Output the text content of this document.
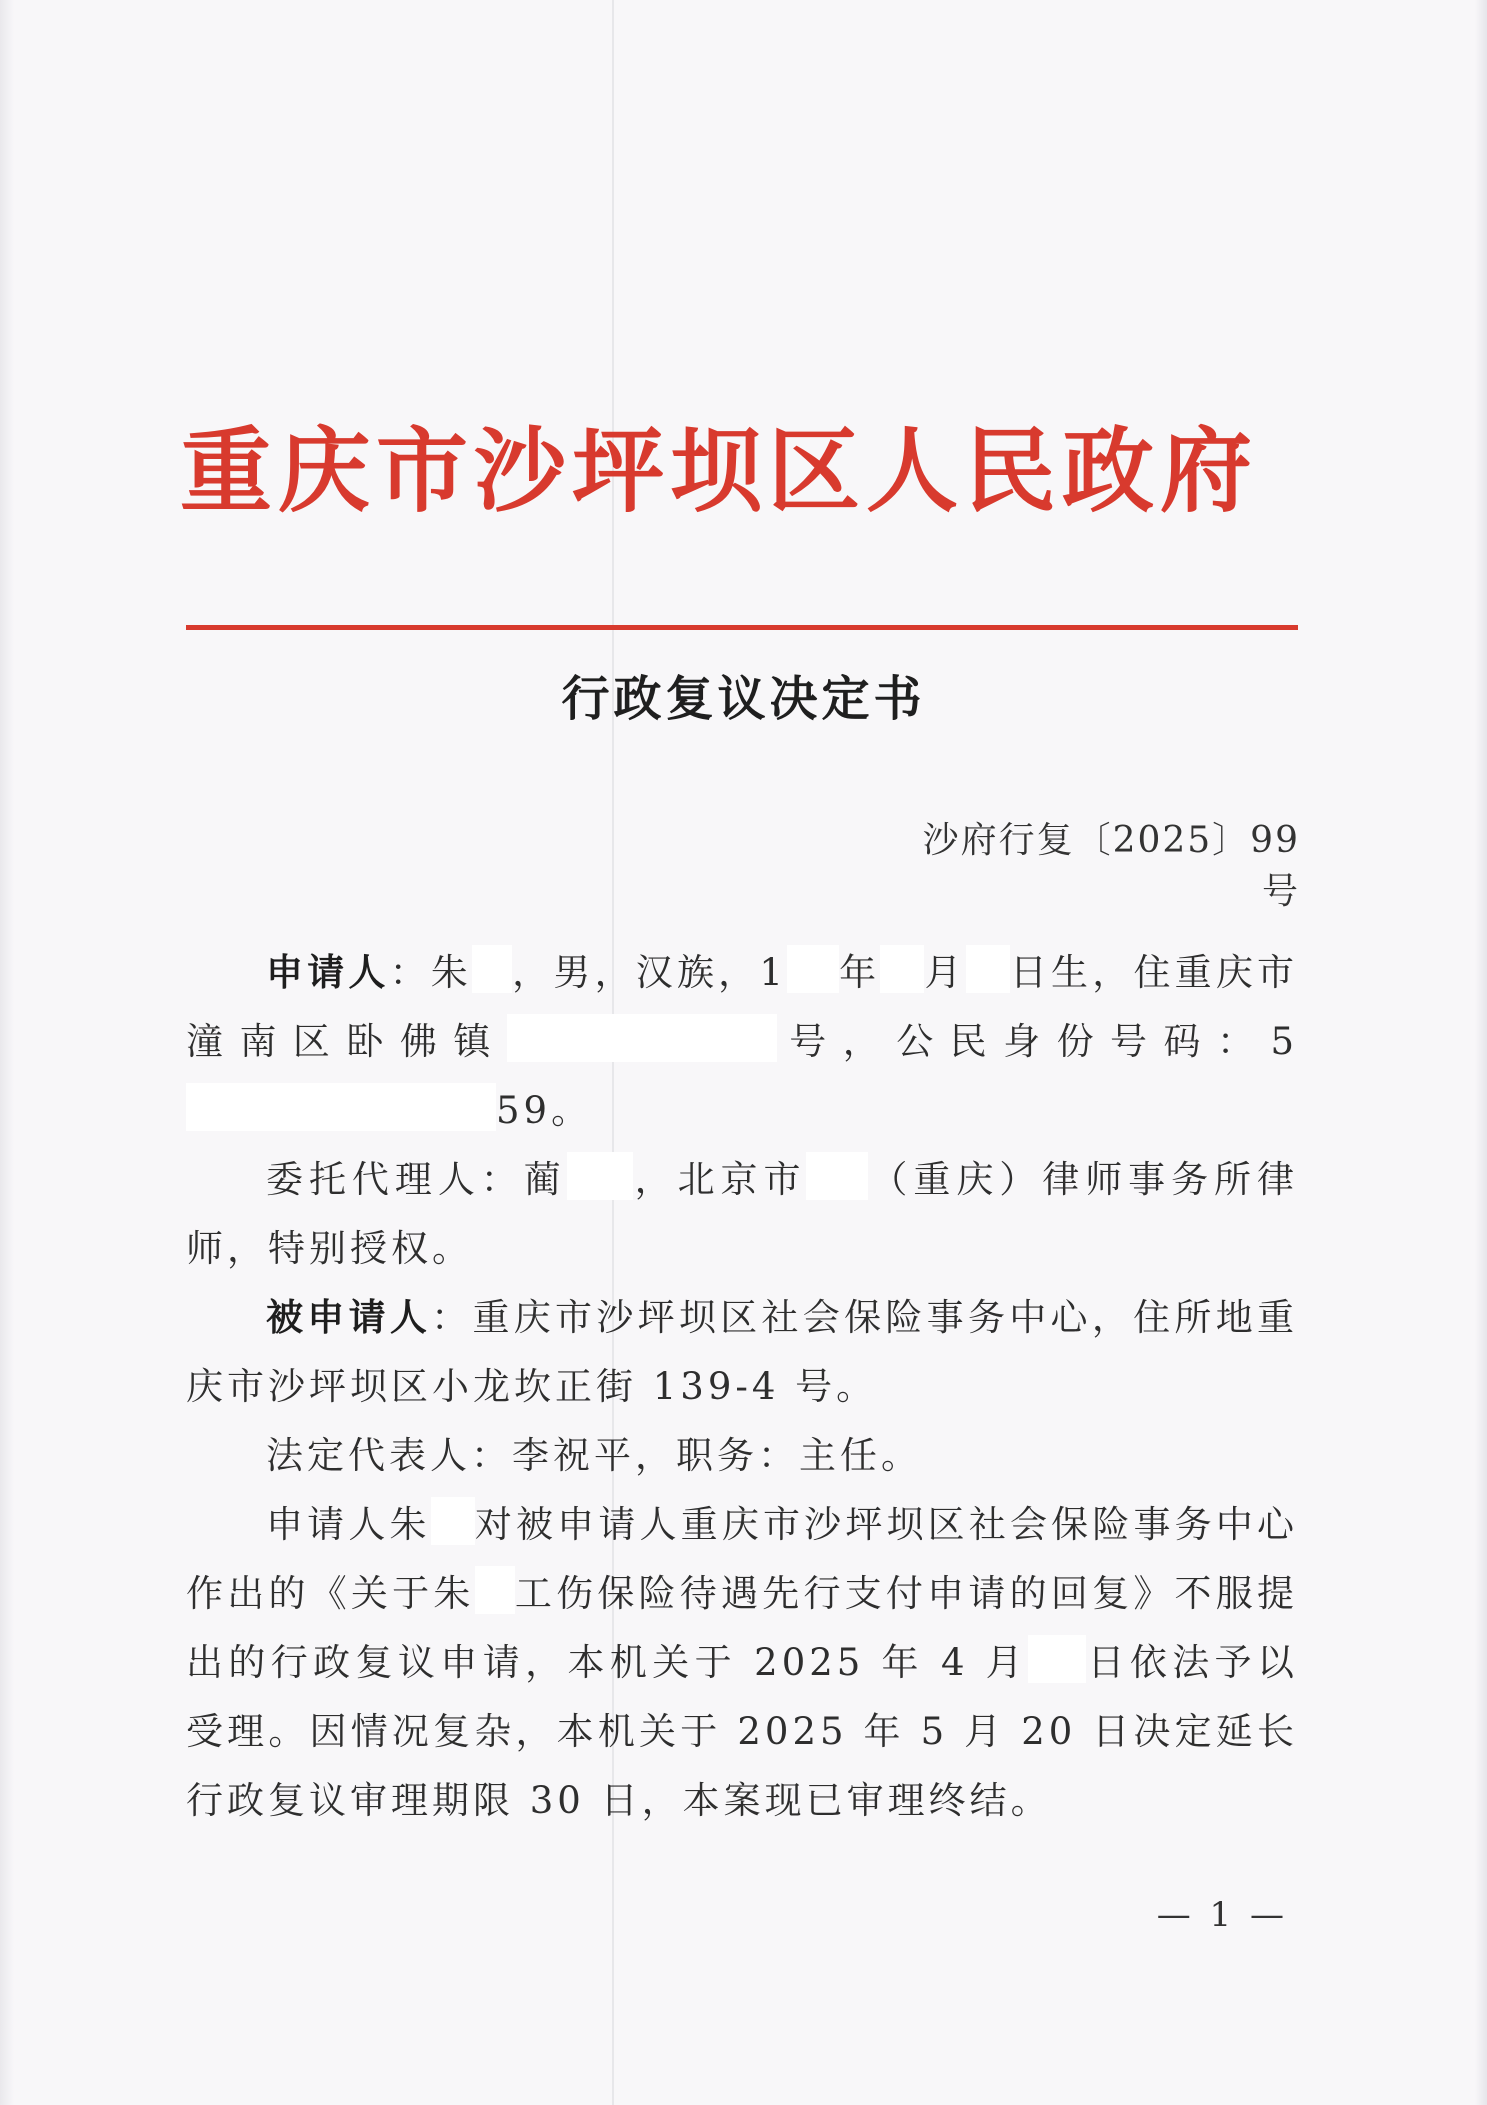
重庆市沙坪坝区人民政府
行政复议决定书
沙府行复〔2025〕99 号

申请人：朱 ，男，汉族，1 年 月 日生，住重庆市潼南区卧佛镇	号，公民身份号码：559。

委托代理人：蔺 ，北京市 （重庆）律师事务所律师，特别授权。

被申请人：重庆市沙坪坝区社会保险事务中心，住所地重庆市沙坪坝区小龙坎正街 139-4 号。

法定代表人：李祝平，职务：主任。

申请人朱 对被申请人重庆市沙坪坝区社会保险事务中心作出的《关于朱 工伤保险待遇先行支付申请的回复》不服提出的行政复议申请，本机关于 2025 年 4 月 日依法予以受理。因情况复杂，本机关于 2025 年 5 月 20 日决定延长行政复议审理期限 30 日，本案现已审理终结。

— 1 —
